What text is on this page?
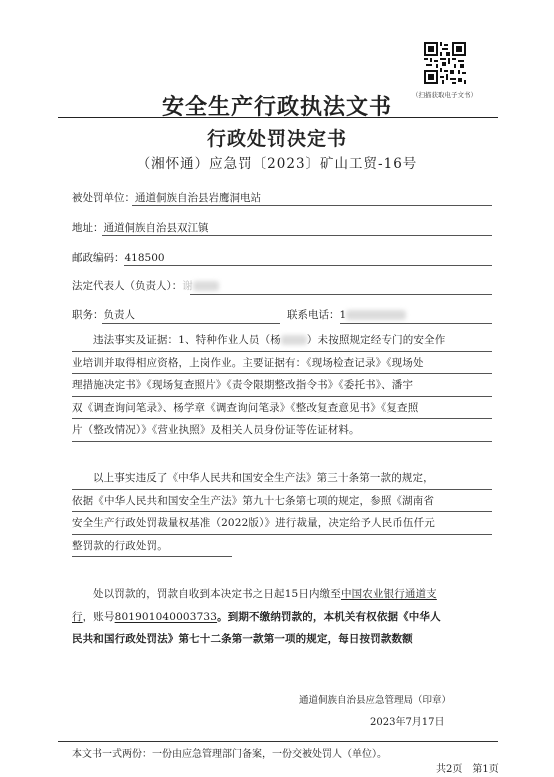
（扫描获取电子文书）
安全生产行政执法文书
行政处罚决定书
（湘怀通）应急罚〔2023〕矿山工贸-16号
被处罚单位：通道侗族自治县岩鹰洞电站
地址：通道侗族自治县双江镇
邮政编码：418500
法定代表人（负责人）：谢
职务：负责人	联系电话：1
违法事实及证据：1、特种作业人员（杨 ）未按照规定经专门的安全作
业培训并取得相应资格，上岗作业。主要证据有：《现场检查记录》《现场处
理措施决定书》《现场复查照片》《责令限期整改指令书》《委托书》、潘宇
双《调查询问笔录》、杨学章《调查询问笔录》《整改复查意见书》《复查照
片（整改情况）》《营业执照》及相关人员身份证等佐证材料。
以上事实违反了《中华人民共和国安全生产法》第三十条第一款的规定，
依据《中华人民共和国安全生产法》第九十七条第七项的规定，参照《湖南省
安全生产行政处罚裁量权基准（2022版）》进行裁量，决定给予人民币伍仟元
整罚款的行政处罚。
处以罚款的，罚款自收到本决定书之日起15日内缴至中国农业银行通道支
行，账号801901040003733。到期不缴纳罚款的，本机关有权依据《中华人
民共和国行政处罚法》第七十二条第一款第一项的规定，每日按罚款数额
通道侗族自治县应急管理局（印章）
2023年7月17日
本文书一式两份：一份由应急管理部门备案，一份交被处罚人（单位）。
共2页　第1页
